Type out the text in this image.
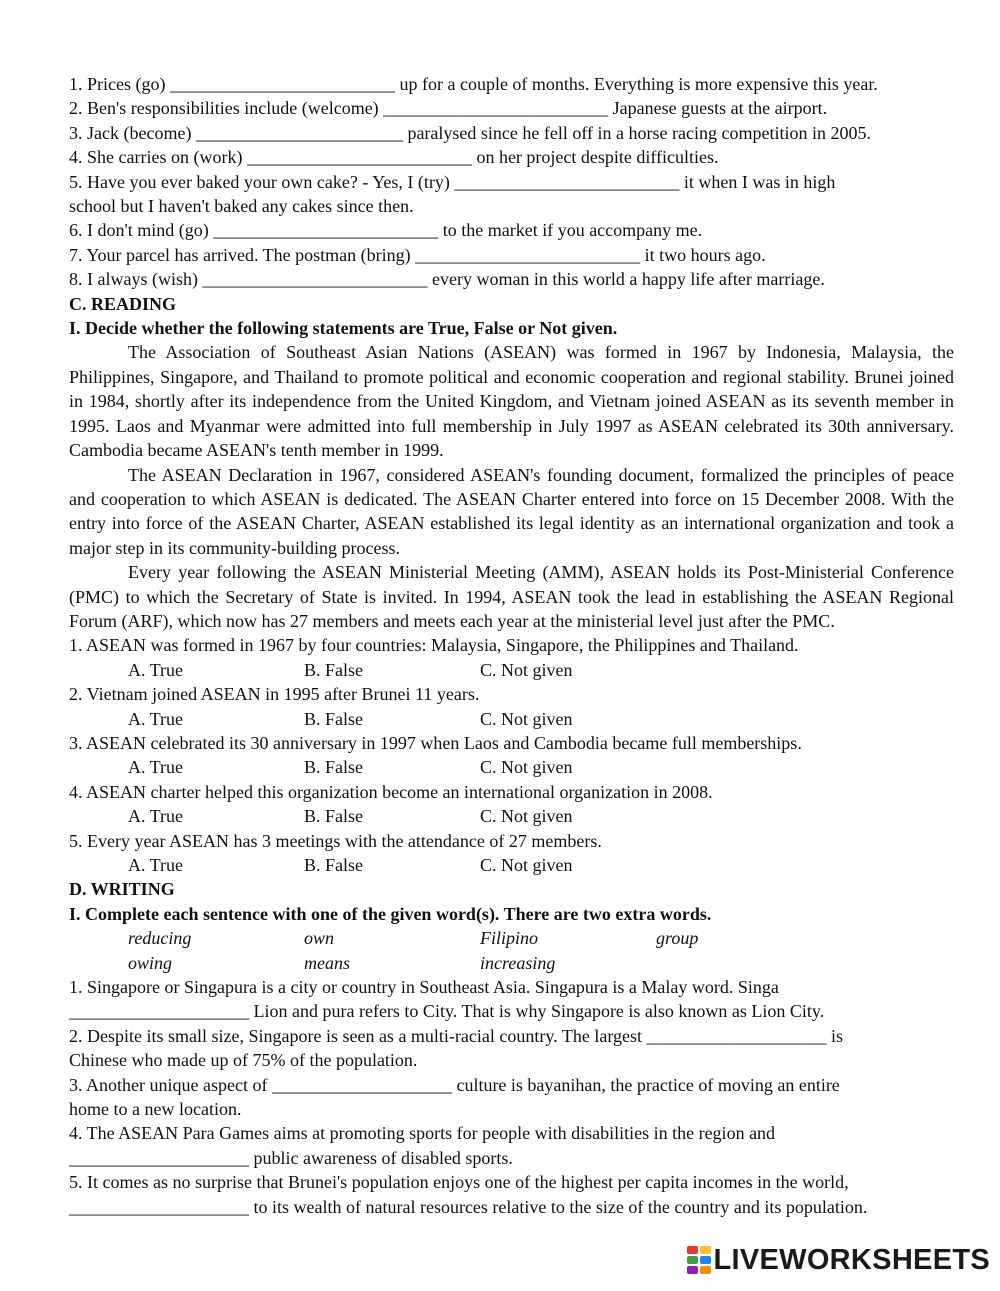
1. Prices (go) _________________________ up for a couple of months. Everything is more expensive this year.
2. Ben's responsibilities include (welcome) _________________________ Japanese guests at the airport.
3. Jack (become) _______________________ paralysed since he fell off in a horse racing competition in 2005.
4. She carries on (work) _________________________ on her project despite difficulties.
5. Have you ever baked your own cake? - Yes, I (try) _________________________ it when I was in high
school but I haven't baked any cakes since then.
6. I don't mind (go) _________________________ to the market if you accompany me.
7. Your parcel has arrived. The postman (bring) _________________________ it two hours ago.
8. I always (wish) _________________________ every woman in this world a happy life after marriage.
C. READING
I. Decide whether the following statements are True, False or Not given.
The Association of Southeast Asian Nations (ASEAN) was formed in 1967 by Indonesia, Malaysia, the Philippines, Singapore, and Thailand to promote political and economic cooperation and regional stability. Brunei joined in 1984, shortly after its independence from the United Kingdom, and Vietnam joined ASEAN as its seventh member in 1995. Laos and Myanmar were admitted into full membership in July 1997 as ASEAN celebrated its 30th anniversary. Cambodia became ASEAN's tenth member in 1999.
The ASEAN Declaration in 1967, considered ASEAN's founding document, formalized the principles of peace and cooperation to which ASEAN is dedicated. The ASEAN Charter entered into force on 15 December 2008. With the entry into force of the ASEAN Charter, ASEAN established its legal identity as an international organization and took a major step in its community-building process.
Every year following the ASEAN Ministerial Meeting (AMM), ASEAN holds its Post-Ministerial Conference (PMC) to which the Secretary of State is invited. In 1994, ASEAN took the lead in establishing the ASEAN Regional Forum (ARF), which now has 27 members and meets each year at the ministerial level just after the PMC.
1. ASEAN was formed in 1967 by four countries: Malaysia, Singapore, the Philippines and Thailand.
A. True	B. False	C. Not given
2. Vietnam joined ASEAN in 1995 after Brunei 11 years.
A. True	B. False	C. Not given
3. ASEAN celebrated its 30 anniversary in 1997 when Laos and Cambodia became full memberships.
A. True	B. False	C. Not given
4. ASEAN charter helped this organization become an international organization in 2008.
A. True	B. False	C. Not given
5. Every year ASEAN has 3 meetings with the attendance of 27 members.
A. True	B. False	C. Not given
D. WRITING
I. Complete each sentence with one of the given word(s). There are two extra words.
reducing	own	Filipino	group
owing	means	increasing
1. Singapore or Singapura is a city or country in Southeast Asia. Singapura is a Malay word. Singa
____________________ Lion and pura refers to City. That is why Singapore is also known as Lion City.
2. Despite its small size, Singapore is seen as a multi-racial country. The largest ____________________ is
Chinese who made up of 75% of the population.
3. Another unique aspect of ____________________ culture is bayanihan, the practice of moving an entire
home to a new location.
4. The ASEAN Para Games aims at promoting sports for people with disabilities in the region and
____________________ public awareness of disabled sports.
5. It comes as no surprise that Brunei's population enjoys one of the highest per capita incomes in the world,
____________________ to its wealth of natural resources relative to the size of the country and its population.
LIVEWORKSHEETS
